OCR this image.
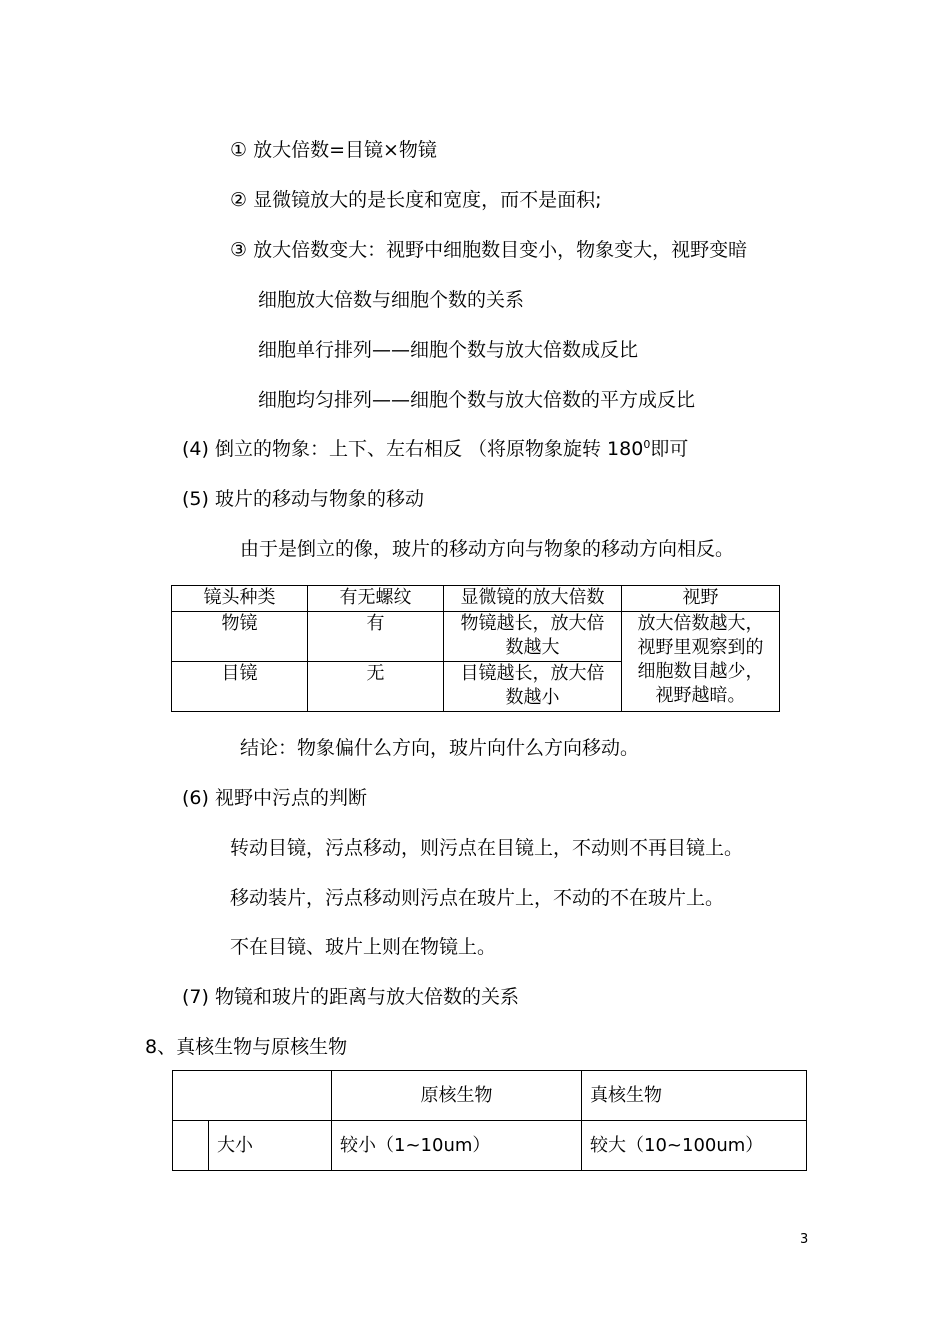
① 放大倍数=目镜×物镜
② 显微镜放大的是长度和宽度，而不是面积;
③ 放大倍数变大：视野中细胞数目变小，物象变大，视野变暗
细胞放大倍数与细胞个数的关系
细胞单行排列——细胞个数与放大倍数成反比
细胞均匀排列——细胞个数与放大倍数的平方成反比
(4) 倒立的物象：上下、左右相反 （将原物象旋转 $180^0$即可
(5) 玻片的移动与物象的移动
由于是倒立的像，玻片的移动方向与物象的移动方向相反。
镜头种类	有无螺纹	显微镜的放大倍数	视野
物镜	有	物镜越长，放大倍数越大	放大倍数越大，视野里观察到的细胞数目越少，视野越暗。
目镜	无	目镜越长，放大倍数越小	
结论：物象偏什么方向，玻片向什么方向移动。
(6) 视野中污点的判断
转动目镜，污点移动，则污点在目镜上，不动则不再目镜上。
移动装片，污点移动则污点在玻片上，不动的不在玻片上。
不在目镜、玻片上则在物镜上。
(7) 物镜和玻片的距离与放大倍数的关系
8、真核生物与原核生物
		原核生物	真核生物
	大小	较小（1~10um）	较大（10~100um）
3
